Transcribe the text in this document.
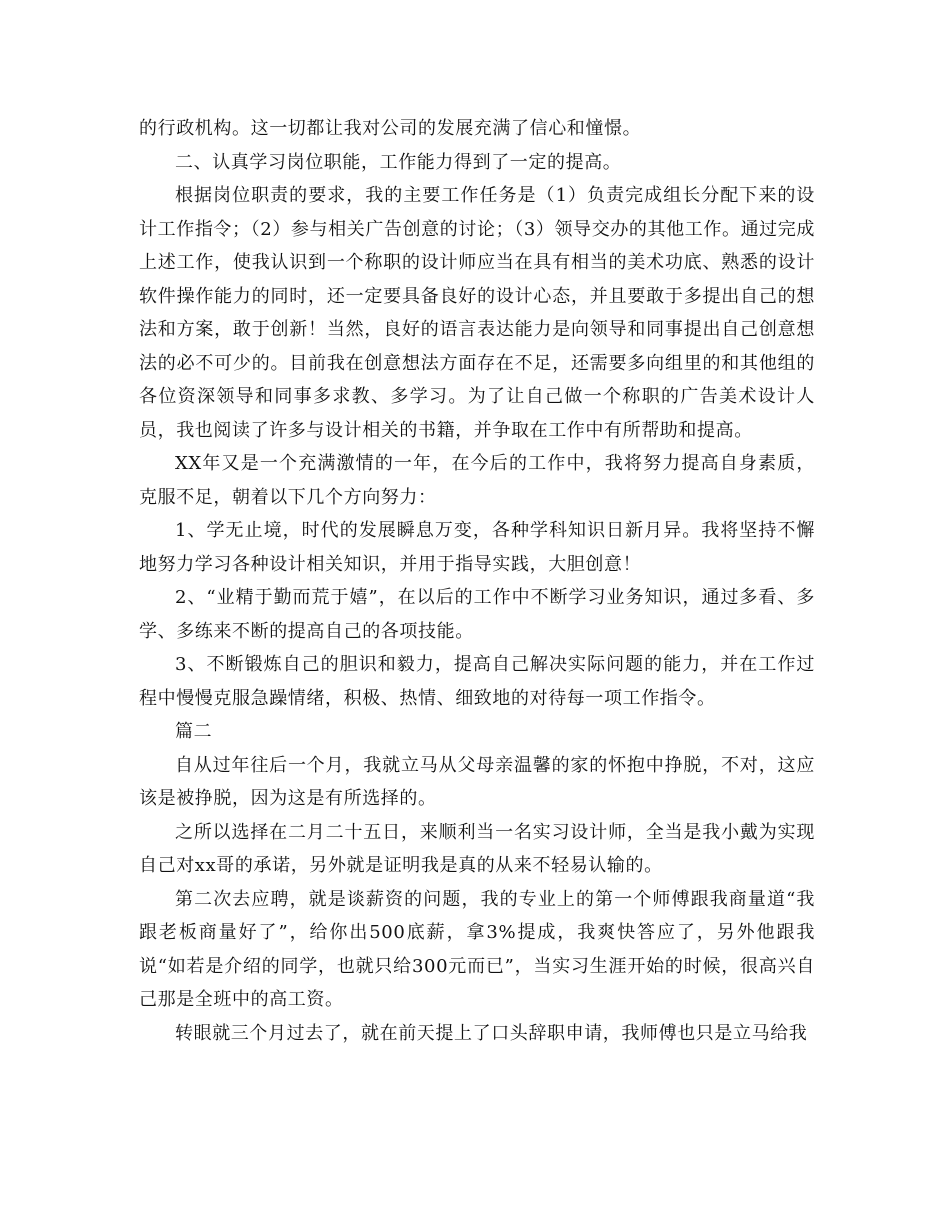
的行政机构。这一切都让我对公司的发展充满了信心和憧憬。

二、认真学习岗位职能，工作能力得到了一定的提高。

根据岗位职责的要求，我的主要工作任务是（1）负责完成组长分配下来的设计工作指令；（2）参与相关广告创意的讨论；（3）领导交办的其他工作。通过完成上述工作，使我认识到一个称职的设计师应当在具有相当的美术功底、熟悉的设计软件操作能力的同时，还一定要具备良好的设计心态，并且要敢于多提出自己的想法和方案，敢于创新！当然，良好的语言表达能力是向领导和同事提出自己创意想法的必不可少的。目前我在创意想法方面存在不足，还需要多向组里的和其他组的各位资深领导和同事多求教、多学习。为了让自己做一个称职的广告美术设计人员，我也阅读了许多与设计相关的书籍，并争取在工作中有所帮助和提高。

XX年又是一个充满激情的一年，在今后的工作中，我将努力提高自身素质，克服不足，朝着以下几个方向努力：

1、学无止境，时代的发展瞬息万变，各种学科知识日新月异。我将坚持不懈地努力学习各种设计相关知识，并用于指导实践，大胆创意！

2、“业精于勤而荒于嬉”，在以后的工作中不断学习业务知识，通过多看、多学、多练来不断的提高自己的各项技能。

3、不断锻炼自己的胆识和毅力，提高自己解决实际问题的能力，并在工作过程中慢慢克服急躁情绪，积极、热情、细致地的对待每一项工作指令。

篇二

自从过年往后一个月，我就立马从父母亲温馨的家的怀抱中挣脱，不对，这应该是被挣脱，因为这是有所选择的。

之所以选择在二月二十五日，来顺利当一名实习设计师，全当是我小戴为实现自己对xx哥的承诺，另外就是证明我是真的从来不轻易认输的。

第二次去应聘，就是谈薪资的问题，我的专业上的第一个师傅跟我商量道“我跟老板商量好了”，给你出500底薪，拿3%提成，我爽快答应了，另外他跟我说“如若是介绍的同学，也就只给300元而已”，当实习生涯开始的时候，很高兴自己那是全班中的高工资。

转眼就三个月过去了，就在前天提上了口头辞职申请，我师傅也只是立马给我
